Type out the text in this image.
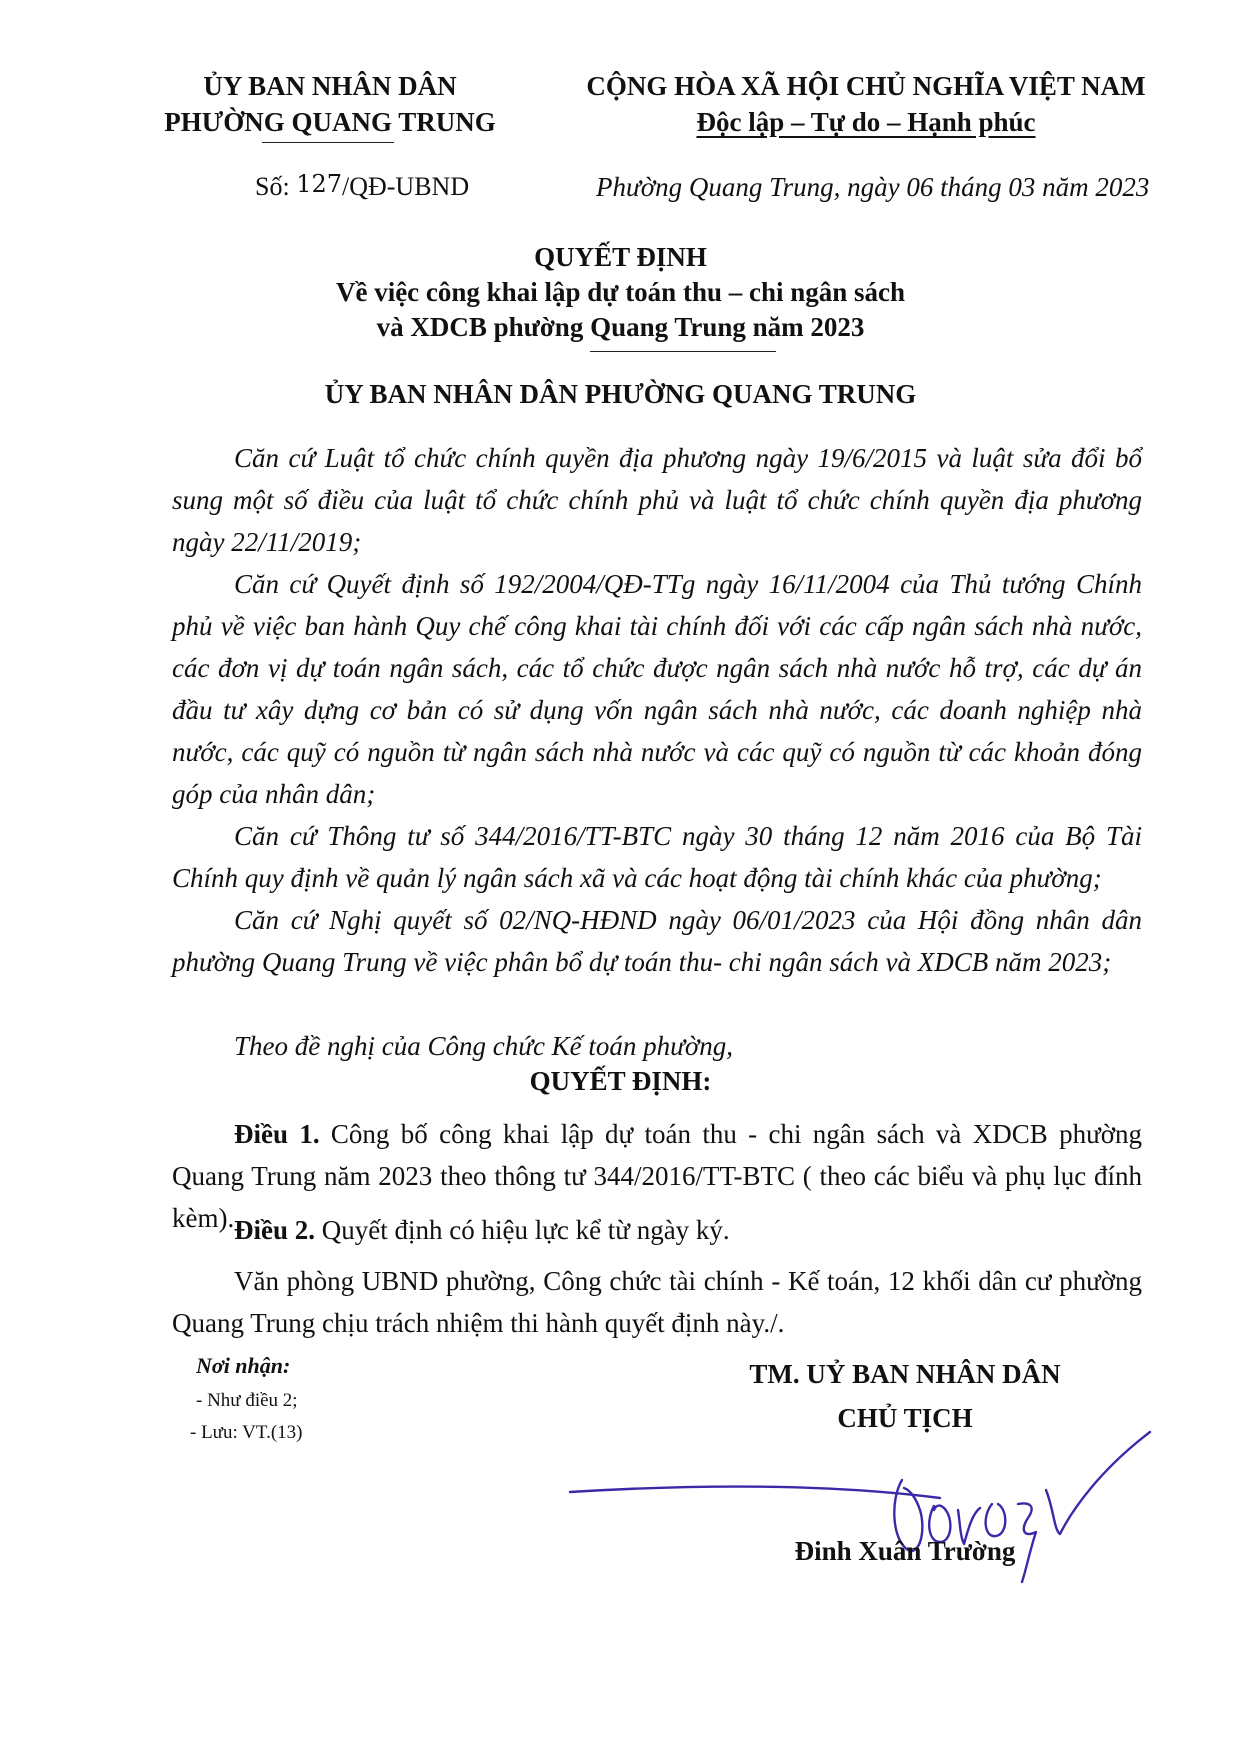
ỦY BAN NHÂN DÂN
PHƯỜNG QUANG TRUNG
CỘNG HÒA XÃ HỘI CHỦ NGHĨA VIỆT NAM
Độc lập – Tự do – Hạnh phúc
Số: 127/QĐ-UBND	Phường Quang Trung, ngày 06 tháng 03 năm 2023
QUYẾT ĐỊNH
Về việc công khai lập dự toán thu – chi ngân sách
và XDCB phường Quang Trung năm 2023
ỦY BAN NHÂN DÂN PHƯỜNG QUANG TRUNG
Căn cứ Luật tổ chức chính quyền địa phương ngày 19/6/2015 và luật sửa đổi bổ sung một số điều của luật tổ chức chính phủ và luật tổ chức chính quyền địa phương ngày 22/11/2019;
Căn cứ Quyết định số 192/2004/QĐ-TTg ngày 16/11/2004 của Thủ tướng Chính phủ về việc ban hành Quy chế công khai tài chính đối với các cấp ngân sách nhà nước, các đơn vị dự toán ngân sách, các tổ chức được ngân sách nhà nước hỗ trợ, các dự án đầu tư xây dựng cơ bản có sử dụng vốn ngân sách nhà nước, các doanh nghiệp nhà nước, các quỹ có nguồn từ ngân sách nhà nước và các quỹ có nguồn từ các khoản đóng góp của nhân dân;
Căn cứ Thông tư số 344/2016/TT-BTC ngày 30 tháng 12 năm 2016 của Bộ Tài Chính quy định về quản lý ngân sách xã và các hoạt động tài chính khác của phường;
Căn cứ Nghị quyết số 02/NQ-HĐND ngày 06/01/2023 của Hội đồng nhân dân phường Quang Trung về việc phân bổ dự toán thu- chi ngân sách và XDCB năm 2023;
Theo đề nghị của Công chức Kế toán phường,
QUYẾT ĐỊNH:
Điều 1. Công bố công khai lập dự toán thu - chi ngân sách và XDCB phường Quang Trung năm 2023 theo thông tư 344/2016/TT-BTC ( theo các biểu và phụ lục đính kèm). Điều 2. Quyết định có hiệu lực kể từ ngày ký.
Văn phòng UBND phường, Công chức tài chính - Kế toán, 12 khối dân cư phường Quang Trung chịu trách nhiệm thi hành quyết định này./.
Nơi nhận:
- Như điều 2;
- Lưu: VT.(13)
TM. UỶ BAN NHÂN DÂN
CHỦ TỊCH
Đinh Xuân Trường
